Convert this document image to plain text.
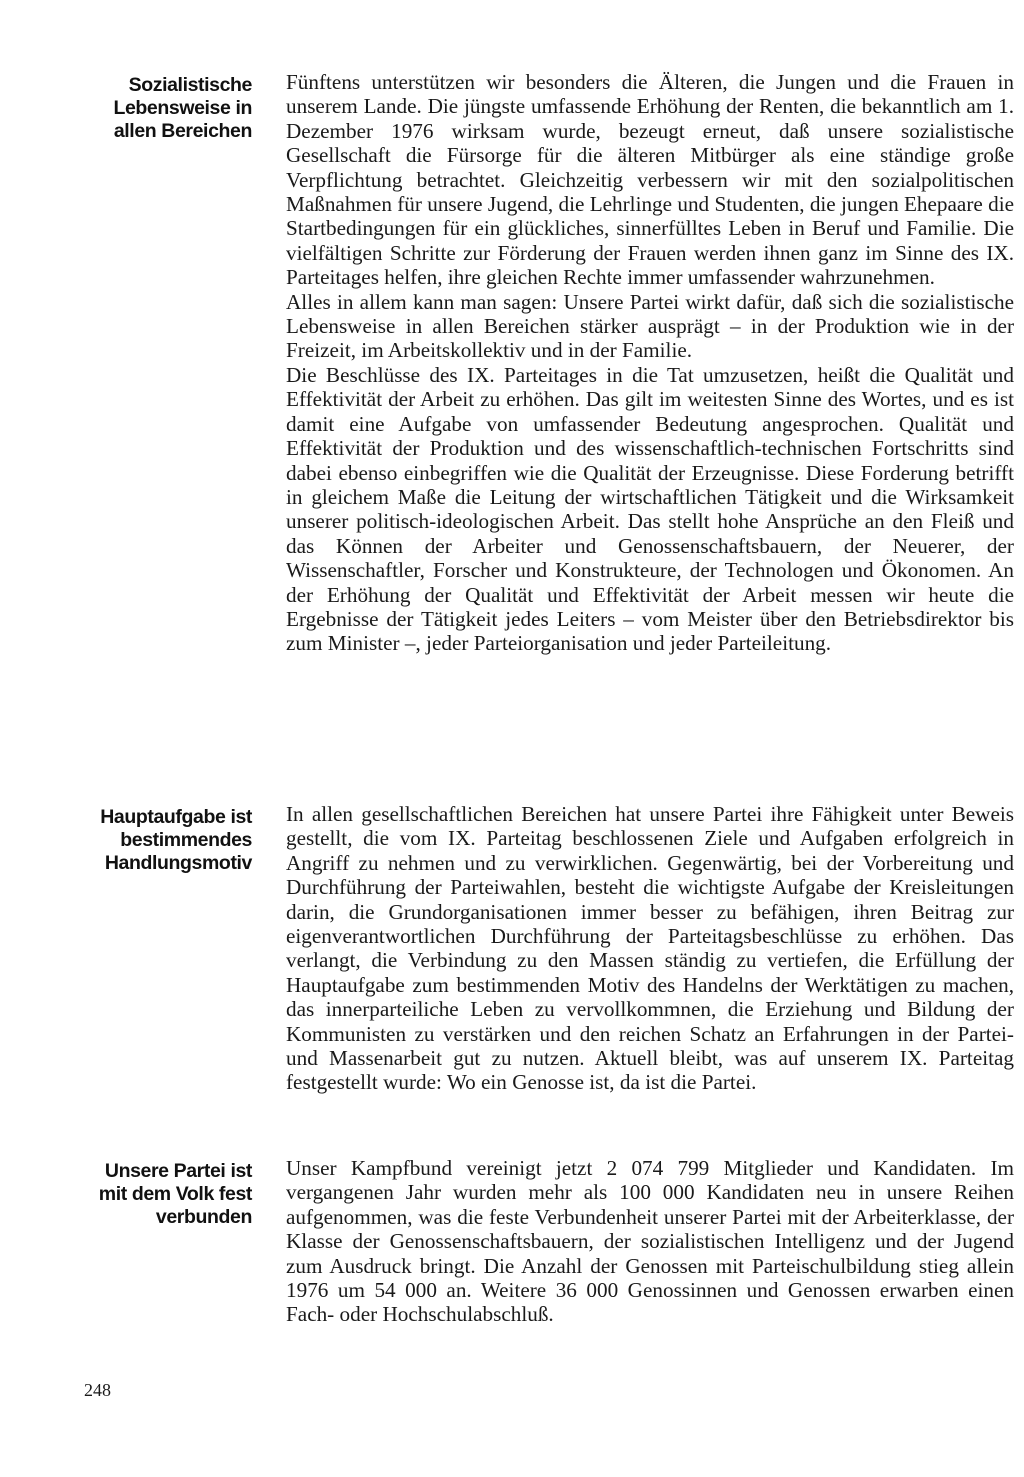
Sozialistische
Lebensweise in
allen Bereichen

Fünftens unterstützen wir besonders die Älteren, die Jungen und die Frauen in unserem Lande. Die jüngste umfassende Erhöhung der Renten, die bekanntlich am 1. Dezember 1976 wirksam wurde, bezeugt erneut, daß unsere sozialistische Gesellschaft die Fürsorge für die älteren Mitbürger als eine ständige große Verpflichtung betrachtet. Gleichzeitig verbessern wir mit den sozialpolitischen Maßnahmen für unsere Jugend, die Lehrlinge und Studenten, die jungen Ehepaare die Startbedingungen für ein glückliches, sinnerfülltes Leben in Beruf und Familie. Die vielfältigen Schritte zur Förderung der Frauen werden ihnen ganz im Sinne des IX. Parteitages helfen, ihre gleichen Rechte immer umfassender wahrzunehmen.

Alles in allem kann man sagen: Unsere Partei wirkt dafür, daß sich die sozialistische Lebensweise in allen Bereichen stärker ausprägt – in der Produktion wie in der Freizeit, im Arbeitskollektiv und in der Familie.

Die Beschlüsse des IX. Parteitages in die Tat umzusetzen, heißt die Qualität und Effektivität der Arbeit zu erhöhen. Das gilt im weitesten Sinne des Wortes, und es ist damit eine Aufgabe von umfassender Bedeutung angesprochen. Qualität und Effektivität der Produktion und des wissenschaftlich-technischen Fortschritts sind dabei ebenso einbegriffen wie die Qualität der Erzeugnisse. Diese Forderung betrifft in gleichem Maße die Leitung der wirtschaftlichen Tätigkeit und die Wirksamkeit unserer politisch-ideologischen Arbeit. Das stellt hohe Ansprüche an den Fleiß und das Können der Arbeiter und Genossenschaftsbauern, der Neuerer, der Wissenschaftler, Forscher und Konstrukteure, der Technologen und Ökonomen. An der Erhöhung der Qualität und Effektivität der Arbeit messen wir heute die Ergebnisse der Tätigkeit jedes Leiters – vom Meister über den Betriebsdirektor bis zum Minister –, jeder Parteiorganisation und jeder Parteileitung.

Hauptaufgabe ist
bestimmendes
Handlungsmotiv

In allen gesellschaftlichen Bereichen hat unsere Partei ihre Fähigkeit unter Beweis gestellt, die vom IX. Parteitag beschlossenen Ziele und Aufgaben erfolgreich in Angriff zu nehmen und zu verwirklichen. Gegenwärtig, bei der Vorbereitung und Durchführung der Parteiwahlen, besteht die wichtigste Aufgabe der Kreisleitungen darin, die Grundorganisationen immer besser zu befähigen, ihren Beitrag zur eigenverantwortlichen Durchführung der Parteitagsbeschlüsse zu erhöhen. Das verlangt, die Verbindung zu den Massen ständig zu vertiefen, die Erfüllung der Hauptaufgabe zum bestimmenden Motiv des Handelns der Werktätigen zu machen, das innerparteiliche Leben zu vervollkommnen, die Erziehung und Bildung der Kommunisten zu verstärken und den reichen Schatz an Erfahrungen in der Partei- und Massenarbeit gut zu nutzen. Aktuell bleibt, was auf unserem IX. Parteitag festgestellt wurde: Wo ein Genosse ist, da ist die Partei.

Unsere Partei ist
mit dem Volk fest
verbunden

Unser Kampfbund vereinigt jetzt 2 074 799 Mitglieder und Kandidaten. Im vergangenen Jahr wurden mehr als 100 000 Kandidaten neu in unsere Reihen aufgenommen, was die feste Verbundenheit unserer Partei mit der Arbeiterklasse, der Klasse der Genossenschaftsbauern, der sozialistischen Intelligenz und der Jugend zum Ausdruck bringt. Die Anzahl der Genossen mit Parteischulbildung stieg allein 1976 um 54 000 an. Weitere 36 000 Genossinnen und Genossen erwarben einen Fach- oder Hochschulabschluß.

248
